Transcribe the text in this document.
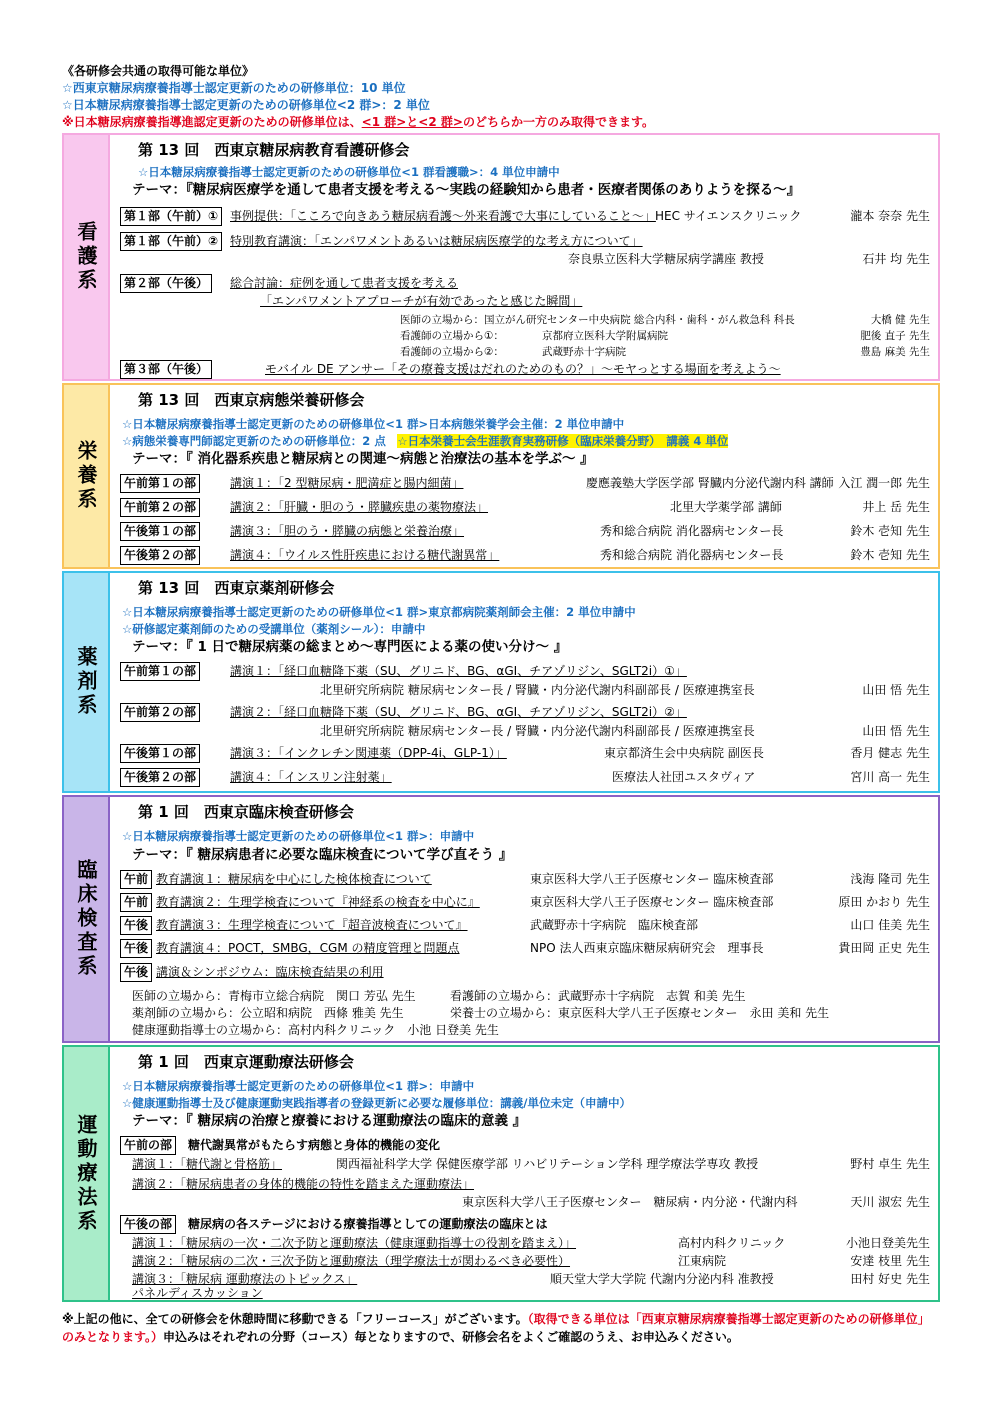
《各研修会共通の取得可能な単位》
☆西東京糖尿病療養指導士認定更新のための研修単位：10 単位
☆日本糖尿病療養指導士認定更新のための研修単位<2 群>：2 単位
※日本糖尿病療養指導進認定更新のための研修単位は、<1 群>と<2 群>のどちらか一方のみ取得できます。
看護系
第 13 回　西東京糖尿病教育看護研修会
☆日本糖尿病療養指導士認定更新のための研修単位<1 群看護職>：4 単位申請中
テーマ：『糖尿病医療学を通して患者支援を考える～実践の経験知から患者・医療者関係のありようを探る～』
第１部（午前）① 事例提供：「こころで向きあう糖尿病看護～外来看護で大事にしていること～」 HEC サイエンスクリニック	瀧本 奈奈 先生
第１部（午前）② 特別教育講演：「エンパワメントあるいは糖尿病医療学的な考え方について」
奈良県立医科大学糖尿病学講座 教授	石井 均 先生
第２部（午後）	総合討論：症例を通して患者支援を考える
「エンパワメントアプローチが有効であったと感じた瞬間」
医師の立場から：国立がん研究センター中央病院 総合内科・歯科・がん救急科 科長	大橋 健 先生
看護師の立場から①：	京都府立医科大学附属病院	肥後 直子 先生
看護師の立場から②：	武蔵野赤十字病院	豊島 麻美 先生
第３部（午後）	モバイル DE アンサー「その療養支援はだれのためのもの？」～モヤっとする場面を考えよう～
栄養系
第 13 回　西東京病態栄養研修会
☆日本糖尿病療養指導士認定更新のための研修単位<1 群>日本病態栄養学会主催：2 単位申請中
☆病態栄養専門師認定更新のための研修単位：2 点　 ☆日本栄養士会生涯教育実務研修（臨床栄養分野）　講義 4 単位
テーマ：『 消化器系疾患と糖尿病との関連～病態と治療法の基本を学ぶ～ 』
午前第１の部	講演１：「2 型糖尿病・肥満症と腸内細菌」	慶應義塾大学医学部 腎臓内分泌代謝内科 講師 入江 潤一郎 先生
午前第２の部	講演２：「肝臓・胆のう・膵臓疾患の薬物療法」	北里大学薬学部 講師	井上 岳 先生
午後第１の部	講演３：「胆のう・膵臓の病態と栄養治療」	秀和総合病院 消化器病センター長	鈴木 壱知 先生
午後第２の部	講演４：「ウイルス性肝疾患における糖代謝異常」	秀和総合病院 消化器病センター長	鈴木 壱知 先生
薬剤系
第 13 回　西東京薬剤研修会
☆日本糖尿病療養指導士認定更新のための研修単位<1 群>東京都病院薬剤師会主催：2 単位申請中
☆研修認定薬剤師のための受講単位（薬剤シール）：申請中
テーマ：『 1 日で糖尿病薬の総まとめ～専門医による薬の使い分け～ 』
午前第１の部	講演１：「経口血糖降下薬（SU、グリニド、BG、αGI、チアゾリジン、SGLT2i）①」
北里研究所病院 糖尿病センター長 / 腎臓・内分泌代謝内科副部長 / 医療連携室長	山田 悟 先生
午前第２の部	講演２：「経口血糖降下薬（SU、グリニド、BG、αGI、チアゾリジン、SGLT2i）②」
北里研究所病院 糖尿病センター長 / 腎臓・内分泌代謝内科副部長 / 医療連携室長	山田 悟 先生
午後第１の部	講演３：「インクレチン関連薬（DPP-4i、GLP-1）」	東京都済生会中央病院 副医長	香月 健志 先生
午後第２の部	講演４：「インスリン注射薬」	医療法人社団ユスタヴィア	宮川 高一 先生
臨床検査系
第 1 回　西東京臨床検査研修会
☆日本糖尿病療養指導士認定更新のための研修単位<1 群>：申請中
テーマ：『 糖尿病患者に必要な臨床検査について学び直そう 』
午前 教育講演１：糖尿病を中心にした検体検査について	東京医科大学八王子医療センター 臨床検査部	浅海 隆司 先生
午前 教育講演２：生理学検査について『神経系の検査を中心に』	東京医科大学八王子医療センター 臨床検査部	原田 かおり 先生
午後 教育講演３：生理学検査について『超音波検査について』	武蔵野赤十字病院　臨床検査部	山口 佳美 先生
午後 教育講演４：POCT，SMBG，CGM の精度管理と問題点	NPO 法人西東京臨床糖尿病研究会　理事長	貴田岡 正史 先生
午後 講演＆シンポジウム：臨床検査結果の利用
医師の立場から：青梅市立総合病院　関口 芳弘 先生	看護師の立場から：武蔵野赤十字病院　志賀 和美 先生
薬剤師の立場から：公立昭和病院　西條 雅美 先生	栄養士の立場から：東京医科大学八王子医療センター　永田 美和 先生
健康運動指導士の立場から：高村内科クリニック　小池 日登美 先生
運動療法系
第 1 回　西東京運動療法研修会
☆日本糖尿病療養指導士認定更新のための研修単位<1 群>：申請中
☆健康運動指導士及び健康運動実践指導者の登録更新に必要な履修単位：講義/単位未定（申請中）
テーマ：『 糖尿病の治療と療養における運動療法の臨床的意義 』
午前の部	糖代謝異常がもたらす病態と身体的機能の変化
講演１：「糖代謝と骨格筋」	関西福祉科学大学 保健医療学部 リハビリテーション学科 理学療法学専攻 教授	野村 卓生 先生
講演２：「糖尿病患者の身体的機能の特性を踏まえた運動療法」
東京医科大学八王子医療センター　糖尿病・内分泌・代謝内科	天川 淑宏 先生
午後の部	糖尿病の各ステージにおける療養指導としての運動療法の臨床とは
講演１：「糖尿病の一次・二次予防と運動療法（健康運動指導士の役割を踏まえ）」	高村内科クリニック	小池日登美先生
講演２：「糖尿病の二次・三次予防と運動療法（理学療法士が関わるべき必要性）	江東病院	安達 枝里 先生
講演３：「糖尿病 運動療法のトピックス」	順天堂大学大学院 代謝内分泌内科 准教授	田村 好史 先生
パネルディスカッション
※上記の他に、全ての研修会を休憩時間に移動できる「フリーコース」がございます。（取得できる単位は「西東京糖尿病療養指導士認定更新のための研修単位」のみとなります。）申込みはそれぞれの分野（コース）毎となりますので、研修会名をよくご確認のうえ、お申込みください。
